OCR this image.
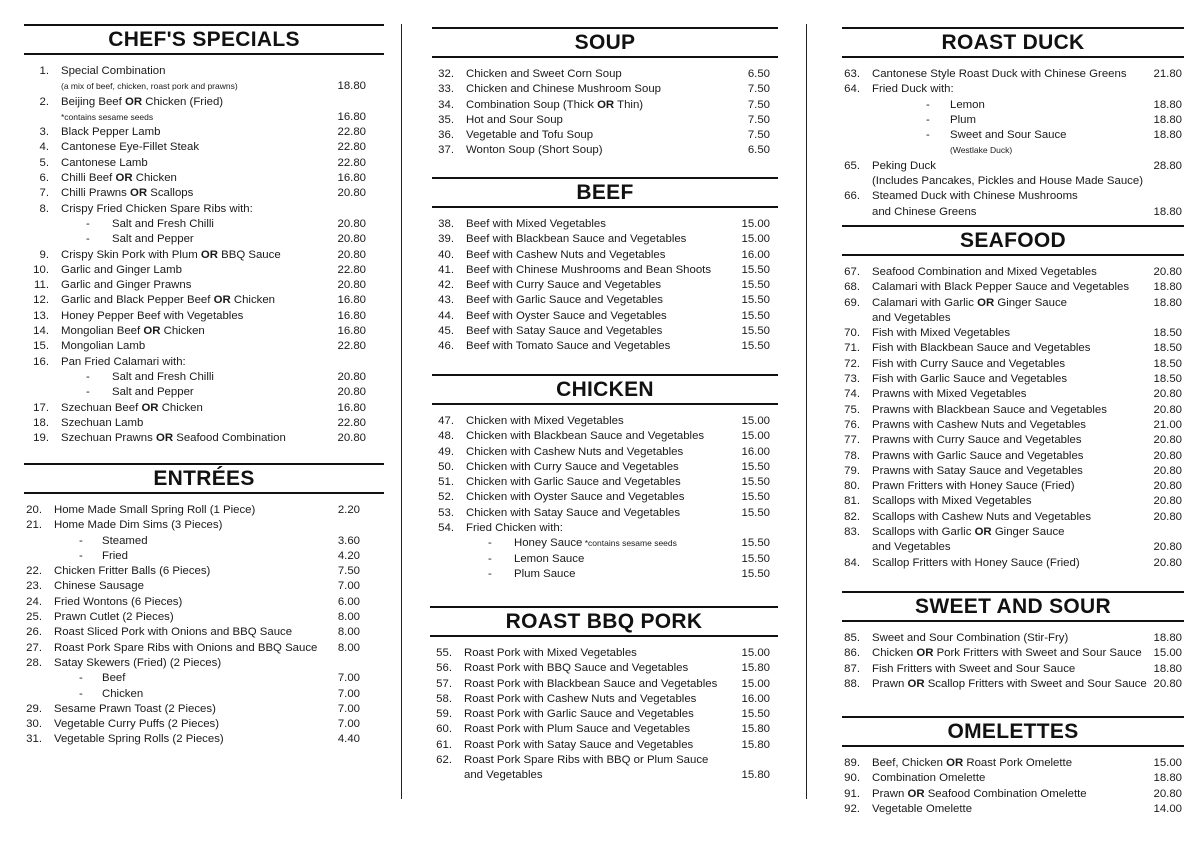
CHEF'S SPECIALS
1. Special Combination
(a mix of beef, chicken, roast pork and prawns)	18.80
2. Beijing Beef OR Chicken (Fried)
*contains sesame seeds	16.80
3. Black Pepper Lamb	22.80
4. Cantonese Eye-Fillet Steak	22.80
5. Cantonese Lamb	22.80
6. Chilli Beef OR Chicken	16.80
7. Chilli Prawns OR Scallops	20.80
8. Crispy Fried Chicken Spare Ribs with:
- Salt and Fresh Chilli	20.80
- Salt and Pepper	20.80
9. Crispy Skin Pork with Plum OR BBQ Sauce	20.80
10. Garlic and Ginger Lamb	22.80
11. Garlic and Ginger Prawns	20.80
12. Garlic and Black Pepper Beef OR Chicken	16.80
13. Honey Pepper Beef with Vegetables	16.80
14. Mongolian Beef OR Chicken	16.80
15. Mongolian Lamb	22.80
16. Pan Fried Calamari with:
- Salt and Fresh Chilli	20.80
- Salt and Pepper	20.80
17. Szechuan Beef OR Chicken	16.80
18. Szechuan Lamb	22.80
19. Szechuan Prawns OR Seafood Combination	20.80
ENTRÉES
20. Home Made Small Spring Roll (1 Piece)	2.20
21. Home Made Dim Sims (3 Pieces)
- Steamed	3.60
- Fried	4.20
22. Chicken Fritter Balls (6 Pieces)	7.50
23. Chinese Sausage	7.00
24. Fried Wontons (6 Pieces)	6.00
25. Prawn Cutlet (2 Pieces)	8.00
26. Roast Sliced Pork with Onions and BBQ Sauce	8.00
27. Roast Pork Spare Ribs with Onions and BBQ Sauce 8.00
28. Satay Skewers (Fried) (2 Pieces)
- Beef	7.00
- Chicken	7.00
29. Sesame Prawn Toast (2 Pieces)	7.00
30. Vegetable Curry Puffs (2 Pieces)	7.00
31. Vegetable Spring Rolls (2 Pieces)	4.40
SOUP
32. Chicken and Sweet Corn Soup	6.50
33. Chicken and Chinese Mushroom Soup	7.50
34. Combination Soup (Thick OR Thin)	7.50
35. Hot and Sour Soup	7.50
36. Vegetable and Tofu Soup	7.50
37. Wonton Soup (Short Soup)	6.50
BEEF
38. Beef with Mixed Vegetables	15.00
39. Beef with Blackbean Sauce and Vegetables	15.00
40. Beef with Cashew Nuts and Vegetables	16.00
41. Beef with Chinese Mushrooms and Bean Shoots	15.50
42. Beef with Curry Sauce and Vegetables	15.50
43. Beef with Garlic Sauce and Vegetables	15.50
44. Beef with Oyster Sauce and Vegetables	15.50
45. Beef with Satay Sauce and Vegetables	15.50
46. Beef with Tomato Sauce and Vegetables	15.50
CHICKEN
47. Chicken with Mixed Vegetables	15.00
48. Chicken with Blackbean Sauce and Vegetables	15.00
49. Chicken with Cashew Nuts and Vegetables	16.00
50. Chicken with Curry Sauce and Vegetables	15.50
51. Chicken with Garlic Sauce and Vegetables	15.50
52. Chicken with Oyster Sauce and Vegetables	15.50
53. Chicken with Satay Sauce and Vegetables	15.50
54. Fried Chicken with:
- Honey Sauce *contains sesame seeds	15.50
- Lemon Sauce	15.50
- Plum Sauce	15.50
ROAST BBQ PORK
55. Roast Pork with Mixed Vegetables	15.00
56. Roast Pork with BBQ Sauce and Vegetables	15.80
57. Roast Pork with Blackbean Sauce and Vegetables 15.00
58. Roast Pork with Cashew Nuts and Vegetables	16.00
59. Roast Pork with Garlic Sauce and Vegetables	15.50
60. Roast Pork with Plum Sauce and Vegetables	15.80
61. Roast Pork with Satay Sauce and Vegetables	15.80
62. Roast Pork Spare Ribs with BBQ or Plum Sauce
and Vegetables	15.80
ROAST DUCK
63. Cantonese Style Roast Duck with Chinese Greens 21.80
64. Fried Duck with:
- Lemon	18.80
- Plum	18.80
- Sweet and Sour Sauce	18.80
(Westlake Duck)
65. Peking Duck	28.80
(Includes Pancakes, Pickles and House Made Sauce)
66. Steamed Duck with Chinese Mushrooms
and Chinese Greens	18.80
SEAFOOD
67. Seafood Combination and Mixed Vegetables	20.80
68. Calamari with Black Pepper Sauce and Vegetables 18.80
69. Calamari with Garlic OR Ginger Sauce	18.80
and Vegetables
70. Fish with Mixed Vegetables	18.50
71. Fish with Blackbean Sauce and Vegetables	18.50
72. Fish with Curry Sauce and Vegetables	18.50
73. Fish with Garlic Sauce and Vegetables	18.50
74. Prawns with Mixed Vegetables	20.80
75. Prawns with Blackbean Sauce and Vegetables	20.80
76. Prawns with Cashew Nuts and Vegetables	21.00
77. Prawns with Curry Sauce and Vegetables	20.80
78. Prawns with Garlic Sauce and Vegetables	20.80
79. Prawns with Satay Sauce and Vegetables	20.80
80. Prawn Fritters with Honey Sauce (Fried)	20.80
81. Scallops with Mixed Vegetables	20.80
82. Scallops with Cashew Nuts and Vegetables	20.80
83. Scallops with Garlic OR Ginger Sauce
and Vegetables	20.80
84. Scallop Fritters with Honey Sauce (Fried)	20.80
SWEET AND SOUR
85. Sweet and Sour Combination (Stir-Fry)	18.80
86. Chicken OR Pork Fritters with Sweet and Sour Sauce 15.00
87. Fish Fritters with Sweet and Sour Sauce	18.80
88. Prawn OR Scallop Fritters with Sweet and Sour Sauce 20.80
OMELETTES
89. Beef, Chicken OR Roast Pork Omelette	15.00
90. Combination Omelette	18.80
91. Prawn OR Seafood Combination Omelette	20.80
92. Vegetable Omelette	14.00
